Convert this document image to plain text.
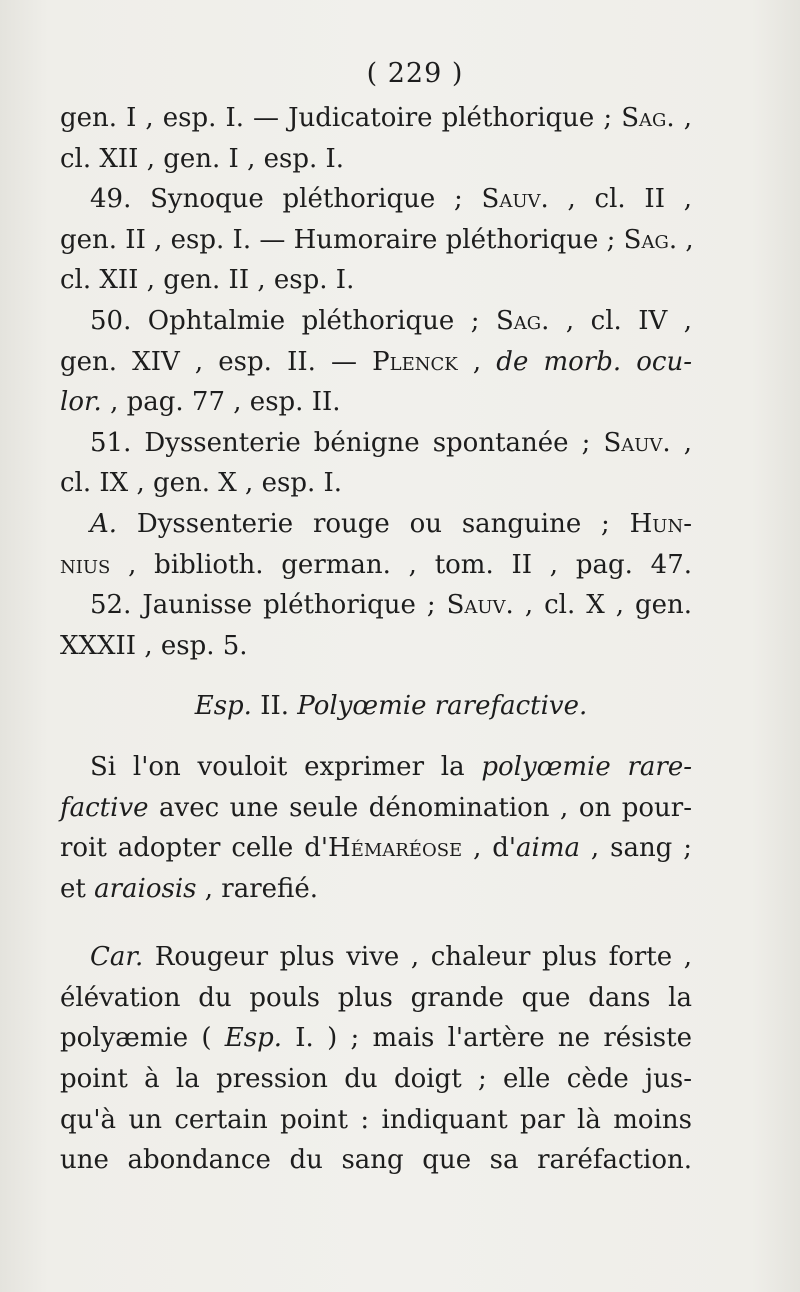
( 229 )
gen. I , esp. I. — Judicatoire pléthorique ; Sag. ,
cl. XII , gen. I , esp. I.
49. Synoque pléthorique ; Sauv. , cl. II ,
gen. II , esp. I. — Humoraire pléthorique ; Sag. ,
cl. XII , gen. II , esp. I.
50. Ophtalmie pléthorique ; Sag. , cl. IV ,
gen. XIV , esp. II. — Plenck , de morb. ocu-
lor. , pag. 77 , esp. II.
51. Dyssenterie bénigne spontanée ; Sauv. ,
cl. IX , gen. X , esp. I.
A. Dyssenterie rouge ou sanguine ; Hun-
nius , biblioth. german. , tom. II , pag. 47.
52. Jaunisse pléthorique ; Sauv. , cl. X , gen.
XXXII , esp. 5.
Esp. II. Polyœmie rarefactive.
Si l'on vouloit exprimer la polyœmie rare-
factive avec une seule dénomination , on pour-
roit adopter celle d'Hémaréose , d'aima , sang ;
et araiosis , rarefié.
Car. Rougeur plus vive , chaleur plus forte ,
élévation du pouls plus grande que dans la
polyæmie ( Esp. I. ) ; mais l'artère ne résiste
point à la pression du doigt ; elle cède jus-
qu'à un certain point : indiquant par là moins
une abondance du sang que sa raréfaction.
